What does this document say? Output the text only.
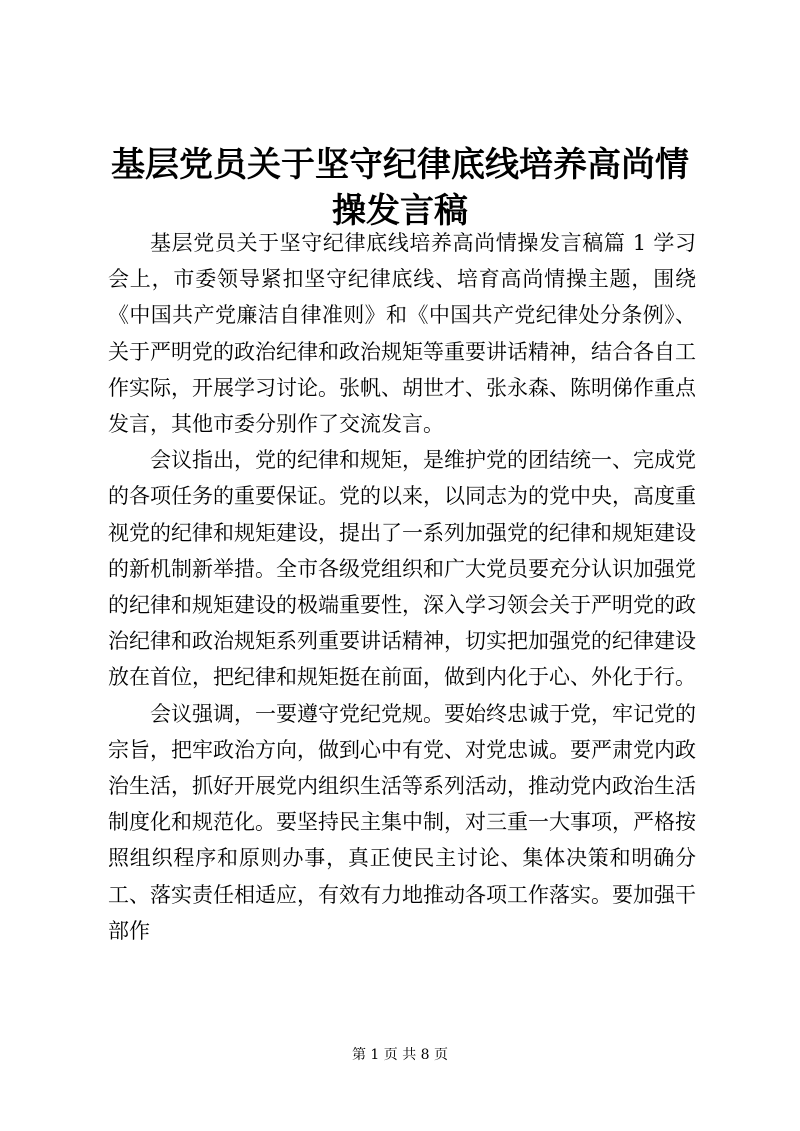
基层党员关于坚守纪律底线培养高尚情操发言稿

基层党员关于坚守纪律底线培养高尚情操发言稿篇 1 学习会上，市委领导紧扣坚守纪律底线、培育高尚情操主题，围绕《中国共产党廉洁自律准则》和《中国共产党纪律处分条例》、关于严明党的政治纪律和政治规矩等重要讲话精神，结合各自工作实际，开展学习讨论。张帆、胡世才、张永森、陈明俤作重点发言，其他市委分别作了交流发言。

会议指出，党的纪律和规矩，是维护党的团结统一、完成党的各项任务的重要保证。党的以来，以同志为的党中央，高度重视党的纪律和规矩建设，提出了一系列加强党的纪律和规矩建设的新机制新举措。全市各级党组织和广大党员要充分认识加强党的纪律和规矩建设的极端重要性，深入学习领会关于严明党的政治纪律和政治规矩系列重要讲话精神，切实把加强党的纪律建设放在首位，把纪律和规矩挺在前面，做到内化于心、外化于行。

会议强调，一要遵守党纪党规。要始终忠诚于党，牢记党的宗旨，把牢政治方向，做到心中有党、对党忠诚。要严肃党内政治生活，抓好开展党内组织生活等系列活动，推动党内政治生活制度化和规范化。要坚持民主集中制，对三重一大事项，严格按照组织程序和原则办事，真正使民主讨论、集体决策和明确分工、落实责任相适应，有效有力地推动各项工作落实。要加强干部作

第 1 页 共 8 页
